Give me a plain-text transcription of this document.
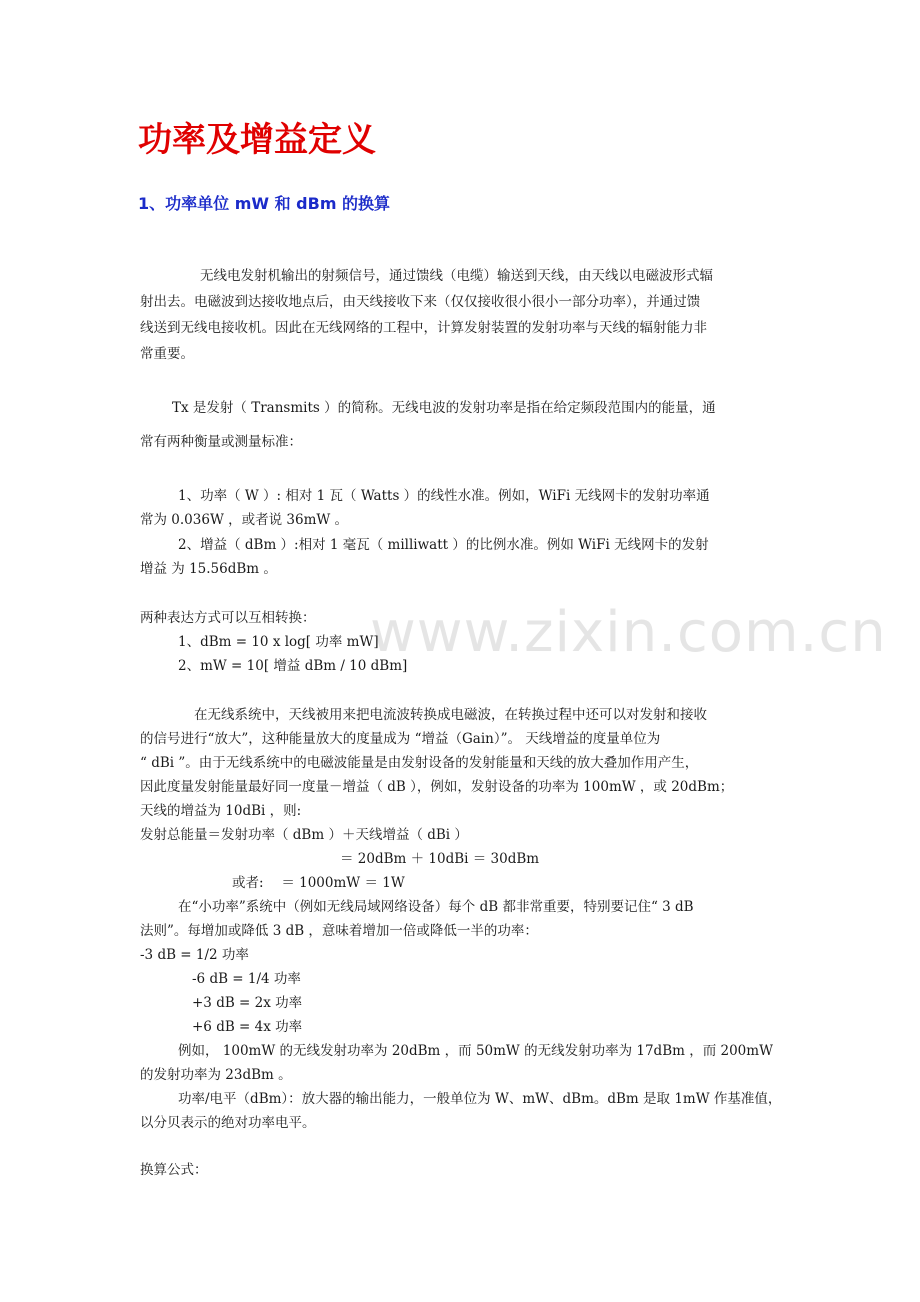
www.zixin.com.cn
功率及增益定义
1、功率单位 mW 和 dBm 的换算

无线电发射机输出的射频信号，通过馈线（电缆）输送到天线，由天线以电磁波形式辐

射出去。电磁波到达接收地点后，由天线接收下来（仅仅接收很小很小一部分功率），并通过馈

线送到无线电接收机。因此在无线网络的工程中，计算发射装置的发射功率与天线的辐射能力非

常重要。

Tx 是发射（ Transmits ）的简称。无线电波的发射功率是指在给定频段范围内的能量，通

常有两种衡量或测量标准：

1、功率（ W ）: 相对 1 瓦（ Watts ）的线性水准。例如，WiFi 无线网卡的发射功率通

常为 0.036W ，或者说 36mW 。

2、增益（ dBm ）:相对 1 毫瓦（ milliwatt ）的比例水准。例如 WiFi 无线网卡的发射

增益 为 15.56dBm 。

两种表达方式可以互相转换：

1、dBm = 10 x log[ 功率 mW]

2、mW = 10[ 增益 dBm / 10 dBm]

在无线系统中，天线被用来把电流波转换成电磁波，在转换过程中还可以对发射和接收

的信号进行“放大”，这种能量放大的度量成为 “增益（Gain）”。 天线增益的度量单位为

“ dBi ”。由于无线系统中的电磁波能量是由发射设备的发射能量和天线的放大叠加作用产生，

因此度量发射能量最好同一度量－增益（ dB ），例如，发射设备的功率为 100mW ，或 20dBm；

天线的增益为 10dBi ，则:

发射总能量＝发射功率（ dBm ）＋天线增益（ dBi ）

＝ 20dBm ＋ 10dBi ＝ 30dBm

或者:　 ＝ 1000mW ＝ 1W

在“小功率”系统中（例如无线局域网络设备）每个 dB 都非常重要，特别要记住“ 3 dB

法则”。每增加或降低 3 dB ，意味着增加一倍或降低一半的功率：

-3 dB = 1/2 功率

-6 dB = 1/4 功率

+3 dB = 2x 功率

+6 dB = 4x 功率

例如， 100mW 的无线发射功率为 20dBm ，而 50mW 的无线发射功率为 17dBm ，而 200mW

的发射功率为 23dBm 。

功率/电平（dBm）：放大器的输出能力，一般单位为 W、mW、dBm。dBm 是取 1mW 作基准值，

以分贝表示的绝对功率电平。

换算公式：
